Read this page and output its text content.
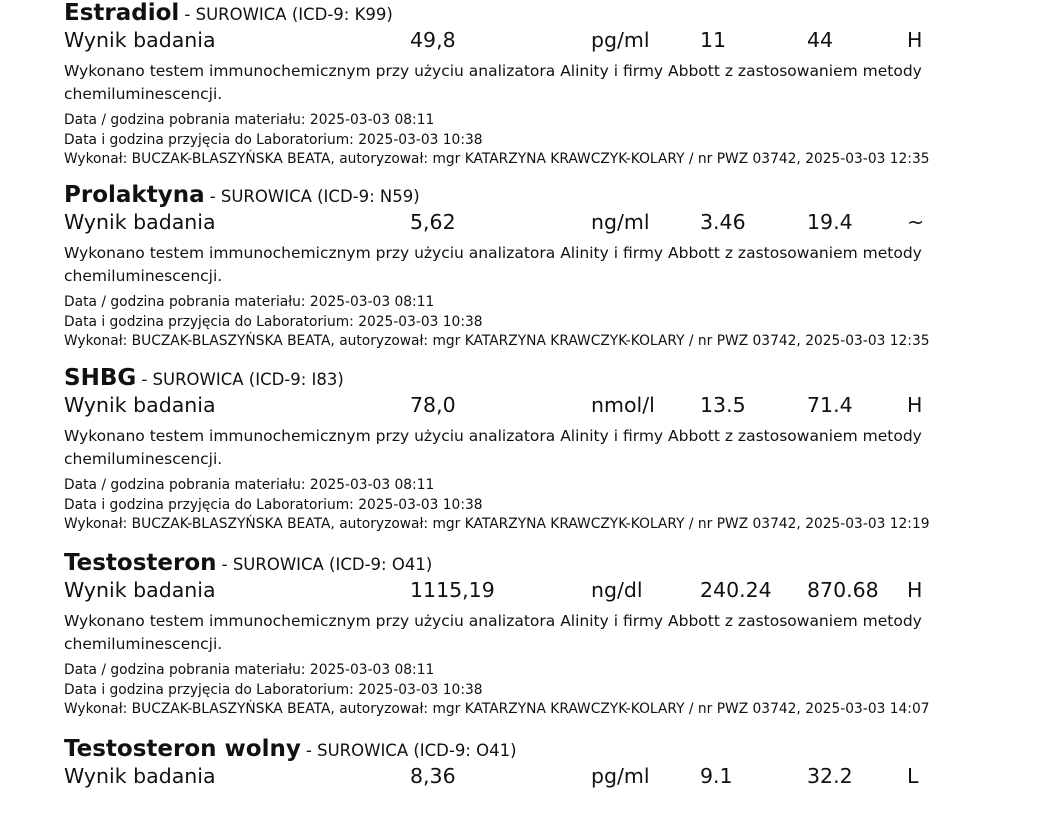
Estradiol - SUROWICA (ICD-9: K99)
Wynik badania	49,8	pg/ml 11	44	H
Wykonano testem immunochemicznym przy użyciu analizatora Alinity i firmy Abbott z zastosowaniem metody chemiluminescencji.
Data / godzina pobrania materiału: 2025-03-03 08:11
Data i godzina przyjęcia do Laboratorium: 2025-03-03 10:38
Wykonał: BUCZAK-BLASZYŃSKA BEATA, autoryzował: mgr KATARZYNA KRAWCZYK-KOLARY / nr PWZ 03742, 2025-03-03 12:35
Prolaktyna - SUROWICA (ICD-9: N59)
Wynik badania	5,62	ng/ml 3.46	19.4	~
Wykonano testem immunochemicznym przy użyciu analizatora Alinity i firmy Abbott z zastosowaniem metody chemiluminescencji.
Data / godzina pobrania materiału: 2025-03-03 08:11
Data i godzina przyjęcia do Laboratorium: 2025-03-03 10:38
Wykonał: BUCZAK-BLASZYŃSKA BEATA, autoryzował: mgr KATARZYNA KRAWCZYK-KOLARY / nr PWZ 03742, 2025-03-03 12:35
SHBG - SUROWICA (ICD-9: I83)
Wynik badania	78,0	nmol/l 13.5	71.4	H
Wykonano testem immunochemicznym przy użyciu analizatora Alinity i firmy Abbott z zastosowaniem metody chemiluminescencji.
Data / godzina pobrania materiału: 2025-03-03 08:11
Data i godzina przyjęcia do Laboratorium: 2025-03-03 10:38
Wykonał: BUCZAK-BLASZYŃSKA BEATA, autoryzował: mgr KATARZYNA KRAWCZYK-KOLARY / nr PWZ 03742, 2025-03-03 12:19
Testosteron - SUROWICA (ICD-9: O41)
Wynik badania	1115,19	ng/dl	240.24 870.68 H
Wykonano testem immunochemicznym przy użyciu analizatora Alinity i firmy Abbott z zastosowaniem metody chemiluminescencji.
Data / godzina pobrania materiału: 2025-03-03 08:11
Data i godzina przyjęcia do Laboratorium: 2025-03-03 10:38
Wykonał: BUCZAK-BLASZYŃSKA BEATA, autoryzował: mgr KATARZYNA KRAWCZYK-KOLARY / nr PWZ 03742, 2025-03-03 14:07
Testosteron wolny - SUROWICA (ICD-9: O41)
Wynik badania	8,36	pg/ml 9.1	32.2	L
